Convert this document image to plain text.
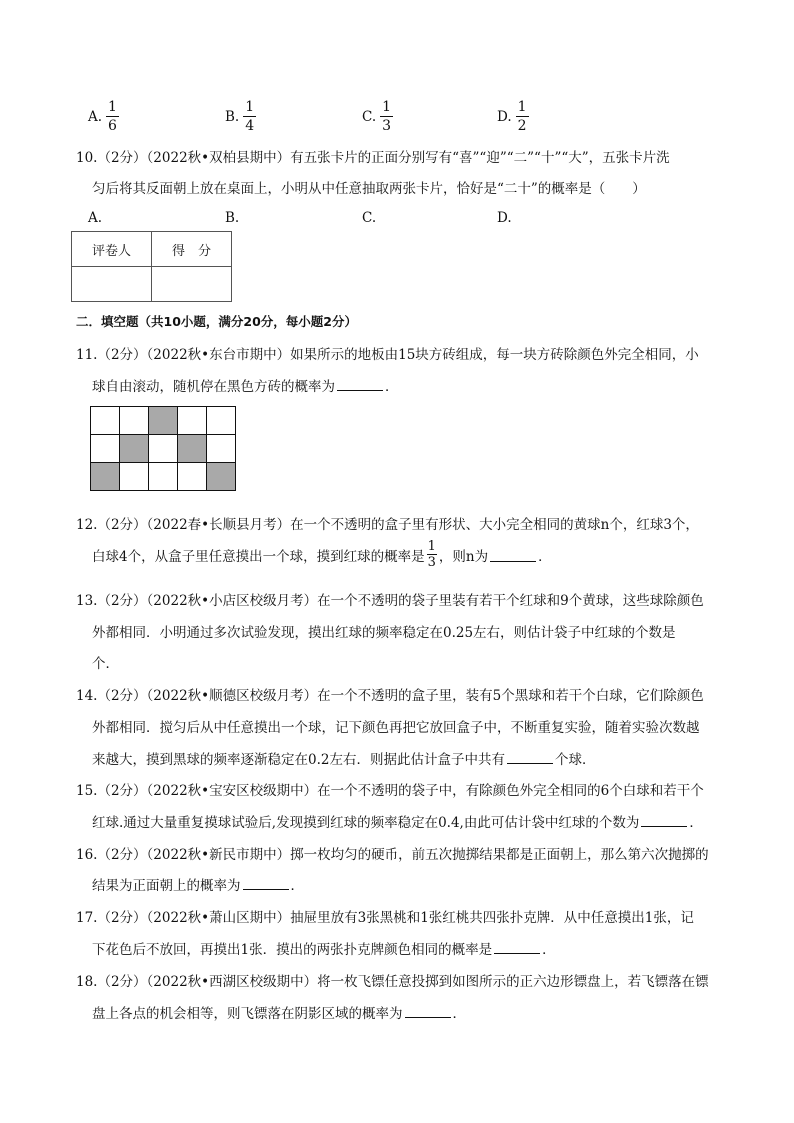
A. $\frac{1}{6}$	B. $\frac{1}{4}$	C. $\frac{1}{3}$	D. $\frac{1}{2}$
10.（2分）（2022秋•双柏县期中）有五张卡片的正面分别写有“喜”“迎”“二”“十”“大”，五张卡片洗
匀后将其反面朝上放在桌面上，小明从中任意抽取两张卡片，恰好是“二十”的概率是（　　）
A.	B.	C.	D.
评卷人	得　分

二．填空题（共10小题，满分20分，每小题2分）
11.（2分）（2022秋•东台市期中）如果所示的地板由15块方砖组成，每一块方砖除颜色外完全相同，小
球自由滚动，随机停在黑色方砖的概率为	．

12.（2分）（2022春•长顺县月考）在一个不透明的盒子里有形状、大小完全相同的黄球n个，红球3个，
白球4个，从盒子里任意摸出一个球，摸到红球的概率是 $\frac{1}{3}$ ，则n为	．
13.（2分）（2022秋•小店区校级月考）在一个不透明的袋子里装有若干个红球和9个黄球，这些球除颜色
外都相同．小明通过多次试验发现，摸出红球的频率稳定在0.25左右，则估计袋子中红球的个数是
个．
14.（2分）（2022秋•顺德区校级月考）在一个不透明的盒子里，装有5个黑球和若干个白球，它们除颜色
外都相同．搅匀后从中任意摸出一个球，记下颜色再把它放回盒子中，不断重复实验，随着实验次数越
来越大，摸到黑球的频率逐渐稳定在0.2左右．则据此估计盒子中共有	个球．
15.（2分）（2022秋•宝安区校级期中）在一个不透明的袋子中，有除颜色外完全相同的6个白球和若干个
红球.通过大量重复摸球试验后,发现摸到红球的频率稳定在0.4,由此可估计袋中红球的个数为	．
16.（2分）（2022秋•新民市期中）掷一枚均匀的硬币，前五次抛掷结果都是正面朝上，那么第六次抛掷的
结果为正面朝上的概率为	．
17.（2分）（2022秋•萧山区期中）抽屉里放有3张黑桃和1张红桃共四张扑克牌．从中任意摸出1张，记
下花色后不放回，再摸出1张．摸出的两张扑克牌颜色相同的概率是	．
18.（2分）（2022秋•西湖区校级期中）将一枚飞镖任意投掷到如图所示的正六边形镖盘上，若飞镖落在镖
盘上各点的机会相等，则飞镖落在阴影区域的概率为	．
